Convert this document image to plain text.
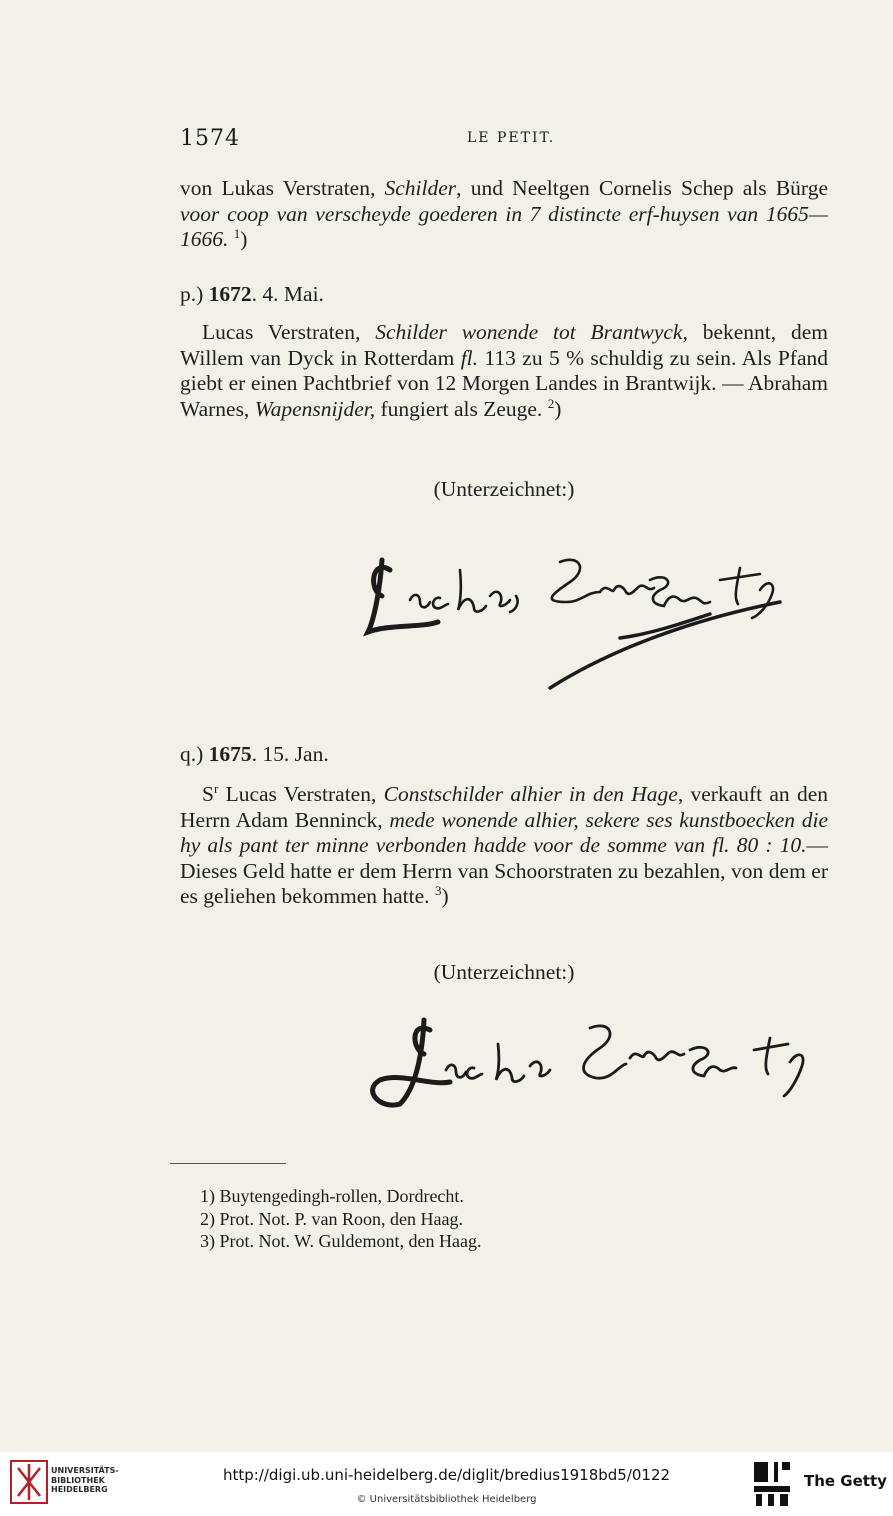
1574	LE PETIT.

von Lukas Verstraten, Schilder, und Neeltgen Cornelis Schep als Bürge voor coop van verscheyde goederen in 7 distincte erf-huysen van 1665—1666. $^1$)

p.) 1672. 4. Mai.

Lucas Verstraten, Schilder wonende tot Brantwyck, bekennt, dem Willem van Dyck in Rotterdam fl. 113 zu 5 % schuldig zu sein. Als Pfand giebt er einen Pachtbrief von 12 Morgen Landes in Brantwijk. — Abraham Warnes, Wapensnijder, fungiert als Zeuge. $^2$)

(Unterzeichnet:)
q.) 1675. 15. Jan.

$S^r$ Lucas Verstraten, Constschilder alhier in den Hage, verkauft an den Herrn Adam Benninck, mede wonende alhier, sekere ses kunstboecken die hy als pant ter minne verbonden hadde voor de somme van fl. 80 : 10.— Dieses Geld hatte er dem Herrn van Schoorstraten zu bezahlen, von dem er es geliehen bekommen hatte. $^3$)

(Unterzeichnet:)
1) Buytengedingh-rollen, Dordrecht.
2) Prot. Not. P. van Roon, den Haag.
3) Prot. Not. W. Guldemont, den Haag.
UNIVERSITÄTS-
BIBLIOTHEK
HEIDELBERG
http://digi.ub.uni-heidelberg.de/diglit/bredius1918bd5/0122
© Universitätsbibliothek Heidelberg
The Getty
